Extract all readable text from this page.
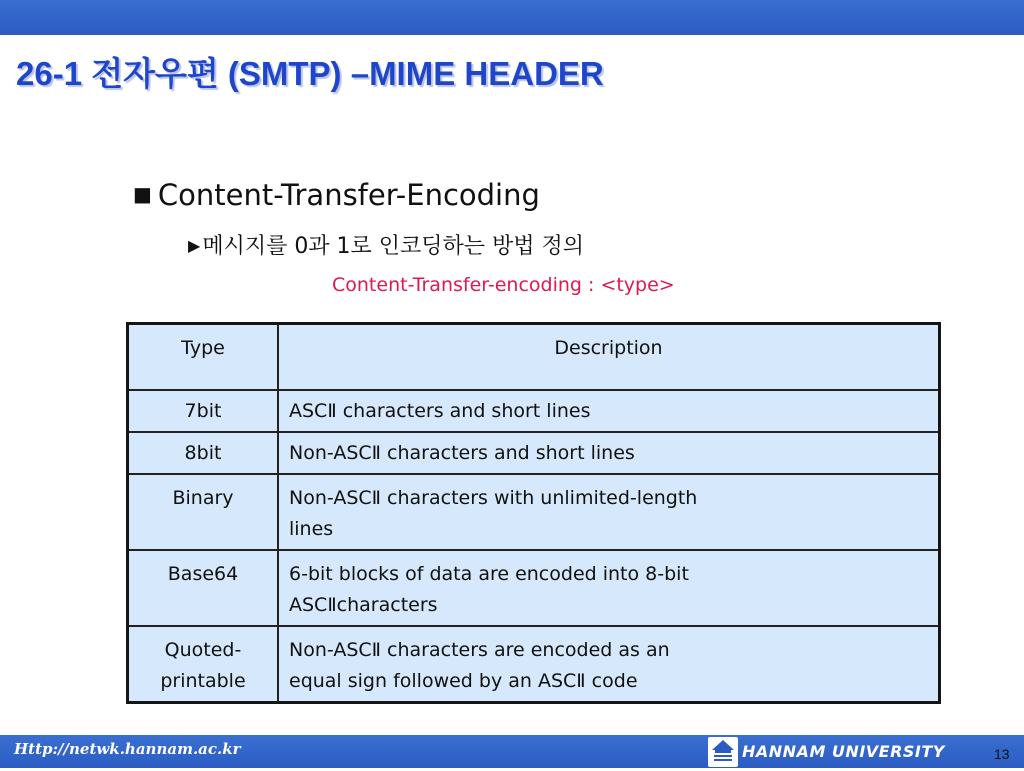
26-1 전자우편 (SMTP) –MIME HEADER
■ Content-Transfer-Encoding
▶메시지를 0과 1로 인코딩하는 방법 정의
Content-Transfer-encoding : <type>
Type	Description

7bit	ASCⅡ characters and short lines

8bit	Non-ASCⅡ characters and short lines

Binary	Non-ASCⅡ characters with unlimited-length
lines

Base64	6-bit blocks of data are encoded into 8-bit
ASCⅡcharacters

Quoted-
printable	Non-ASCⅡ characters are encoded as an
equal sign followed by an ASCⅡ code
Http://netwk.hannam.ac.kr	HANNAM UNIVERSITY	13
